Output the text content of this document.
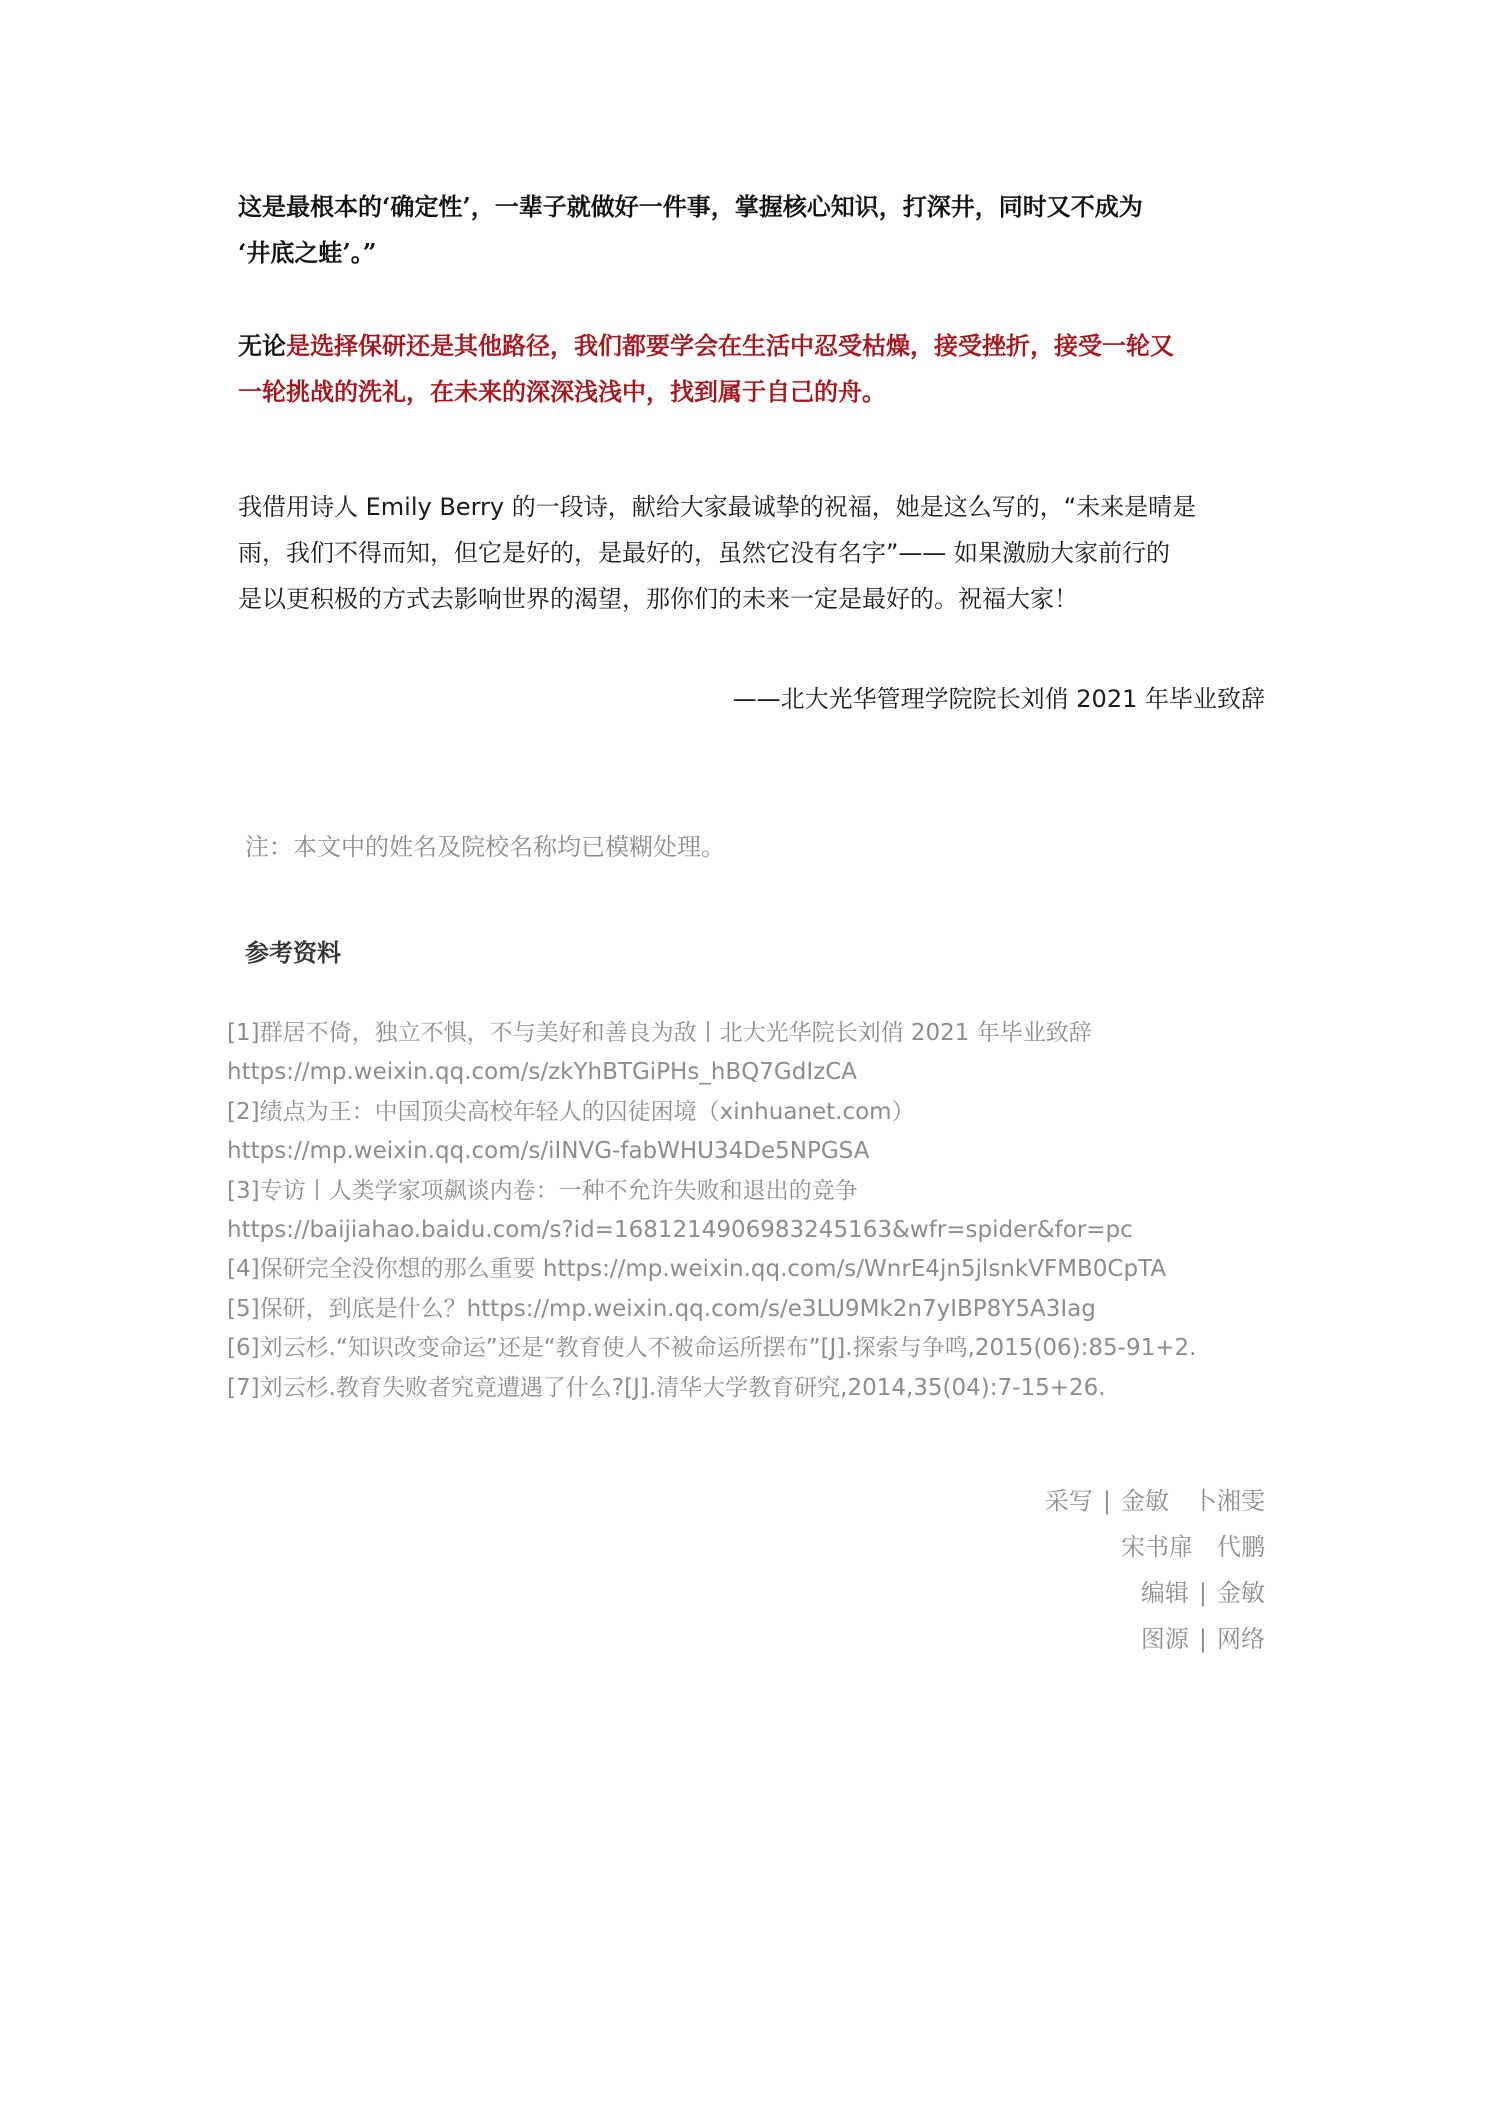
这是最根本的‘确定性’，一辈子就做好一件事，掌握核心知识，打深井，同时又不成为
‘井底之蛙’。”
无论是选择保研还是其他路径，我们都要学会在生活中忍受枯燥，接受挫折，接受一轮又
一轮挑战的洗礼，在未来的深深浅浅中，找到属于自己的舟。
我借用诗人 Emily Berry 的一段诗，献给大家最诚挚的祝福，她是这么写的，“未来是晴是
雨，我们不得而知，但它是好的，是最好的，虽然它没有名字”—— 如果激励大家前行的
是以更积极的方式去影响世界的渴望，那你们的未来一定是最好的。祝福大家！
——北大光华管理学院院长刘俏 2021 年毕业致辞
注：本文中的姓名及院校名称均已模糊处理。
参考资料
[1]群居不倚，独立不惧，不与美好和善良为敌丨北大光华院长刘俏 2021 年毕业致辞
https://mp.weixin.qq.com/s/zkYhBTGiPHs_hBQ7GdIzCA
[2]绩点为王：中国顶尖高校年轻人的囚徒困境（xinhuanet.com）
https://mp.weixin.qq.com/s/iINVG-fabWHU34De5NPGSA
[3]专访丨人类学家项飙谈内卷：一种不允许失败和退出的竞争
https://baijiahao.baidu.com/s?id=1681214906983245163&wfr=spider&for=pc
[4]保研完全没你想的那么重要 https://mp.weixin.qq.com/s/WnrE4jn5jlsnkVFMB0CpTA
[5]保研，到底是什么？https://mp.weixin.qq.com/s/e3LU9Mk2n7yIBP8Y5A3Iag
[6]刘云杉.“知识改变命运”还是“教育使人不被命运所摆布”[J].探索与争鸣,2015(06):85-91+2.
[7]刘云杉.教育失败者究竟遭遇了什么?[J].清华大学教育研究,2014,35(04):7-15+26.
采写 | 金敏　卜湘雯
宋书扉　代鹏
编辑 | 金敏
图源 | 网络
